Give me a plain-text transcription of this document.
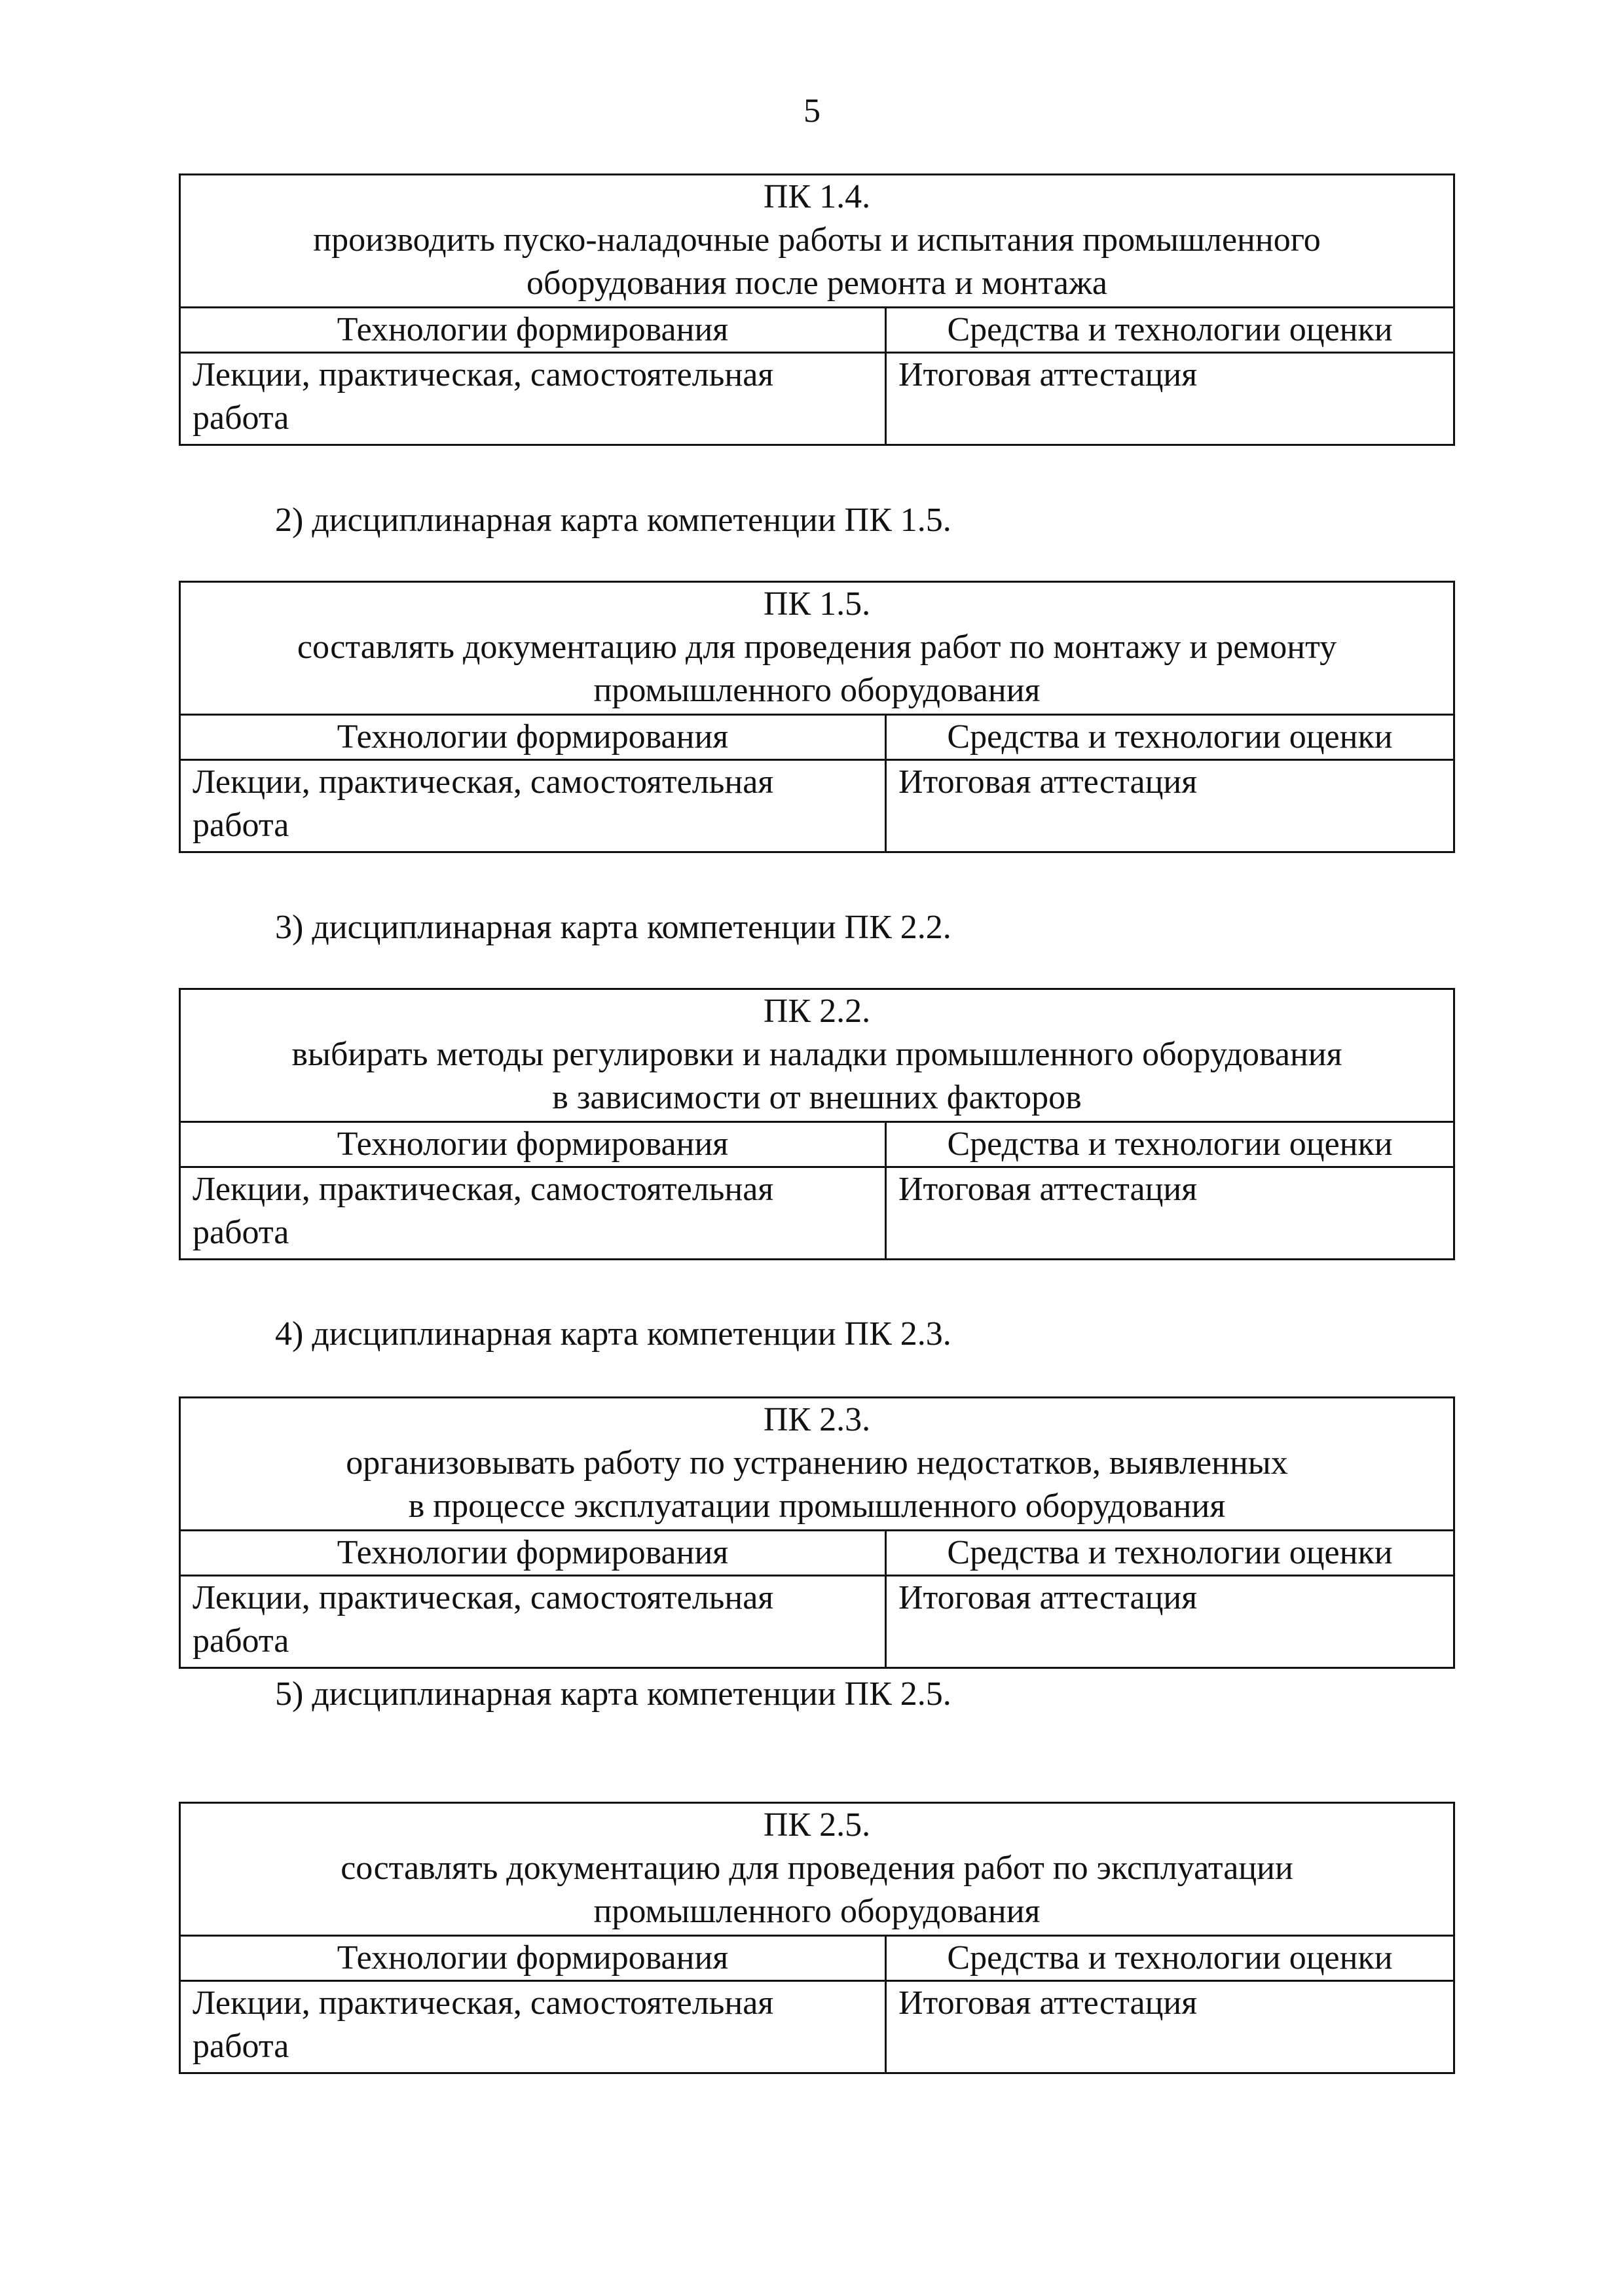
5
ПК 1.4.
производить пуско-наладочные работы и испытания промышленного
оборудования после ремонта и монтажа	

Технологии формирования	Средства и технологии оценки
Лекции, практическая, самостоятельная работа	Итоговая аттестация
2) дисциплинарная карта компетенции ПК 1.5.
ПК 1.5.
составлять документацию для проведения работ по монтажу и ремонту
промышленного оборудования	

Технологии формирования	Средства и технологии оценки
Лекции, практическая, самостоятельная работа	Итоговая аттестация
3) дисциплинарная карта компетенции ПК 2.2.
ПК 2.2.
выбирать методы регулировки и наладки промышленного оборудования
в зависимости от внешних факторов	

Технологии формирования	Средства и технологии оценки
Лекции, практическая, самостоятельная работа	Итоговая аттестация
4) дисциплинарная карта компетенции ПК 2.3.
ПК 2.3.
организовывать работу по устранению недостатков, выявленных
в процессе эксплуатации промышленного оборудования	

Технологии формирования	Средства и технологии оценки
Лекции, практическая, самостоятельная работа	Итоговая аттестация
5) дисциплинарная карта компетенции ПК 2.5.
ПК 2.5.
составлять документацию для проведения работ по эксплуатации
промышленного оборудования	

Технологии формирования	Средства и технологии оценки
Лекции, практическая, самостоятельная работа	Итоговая аттестация
